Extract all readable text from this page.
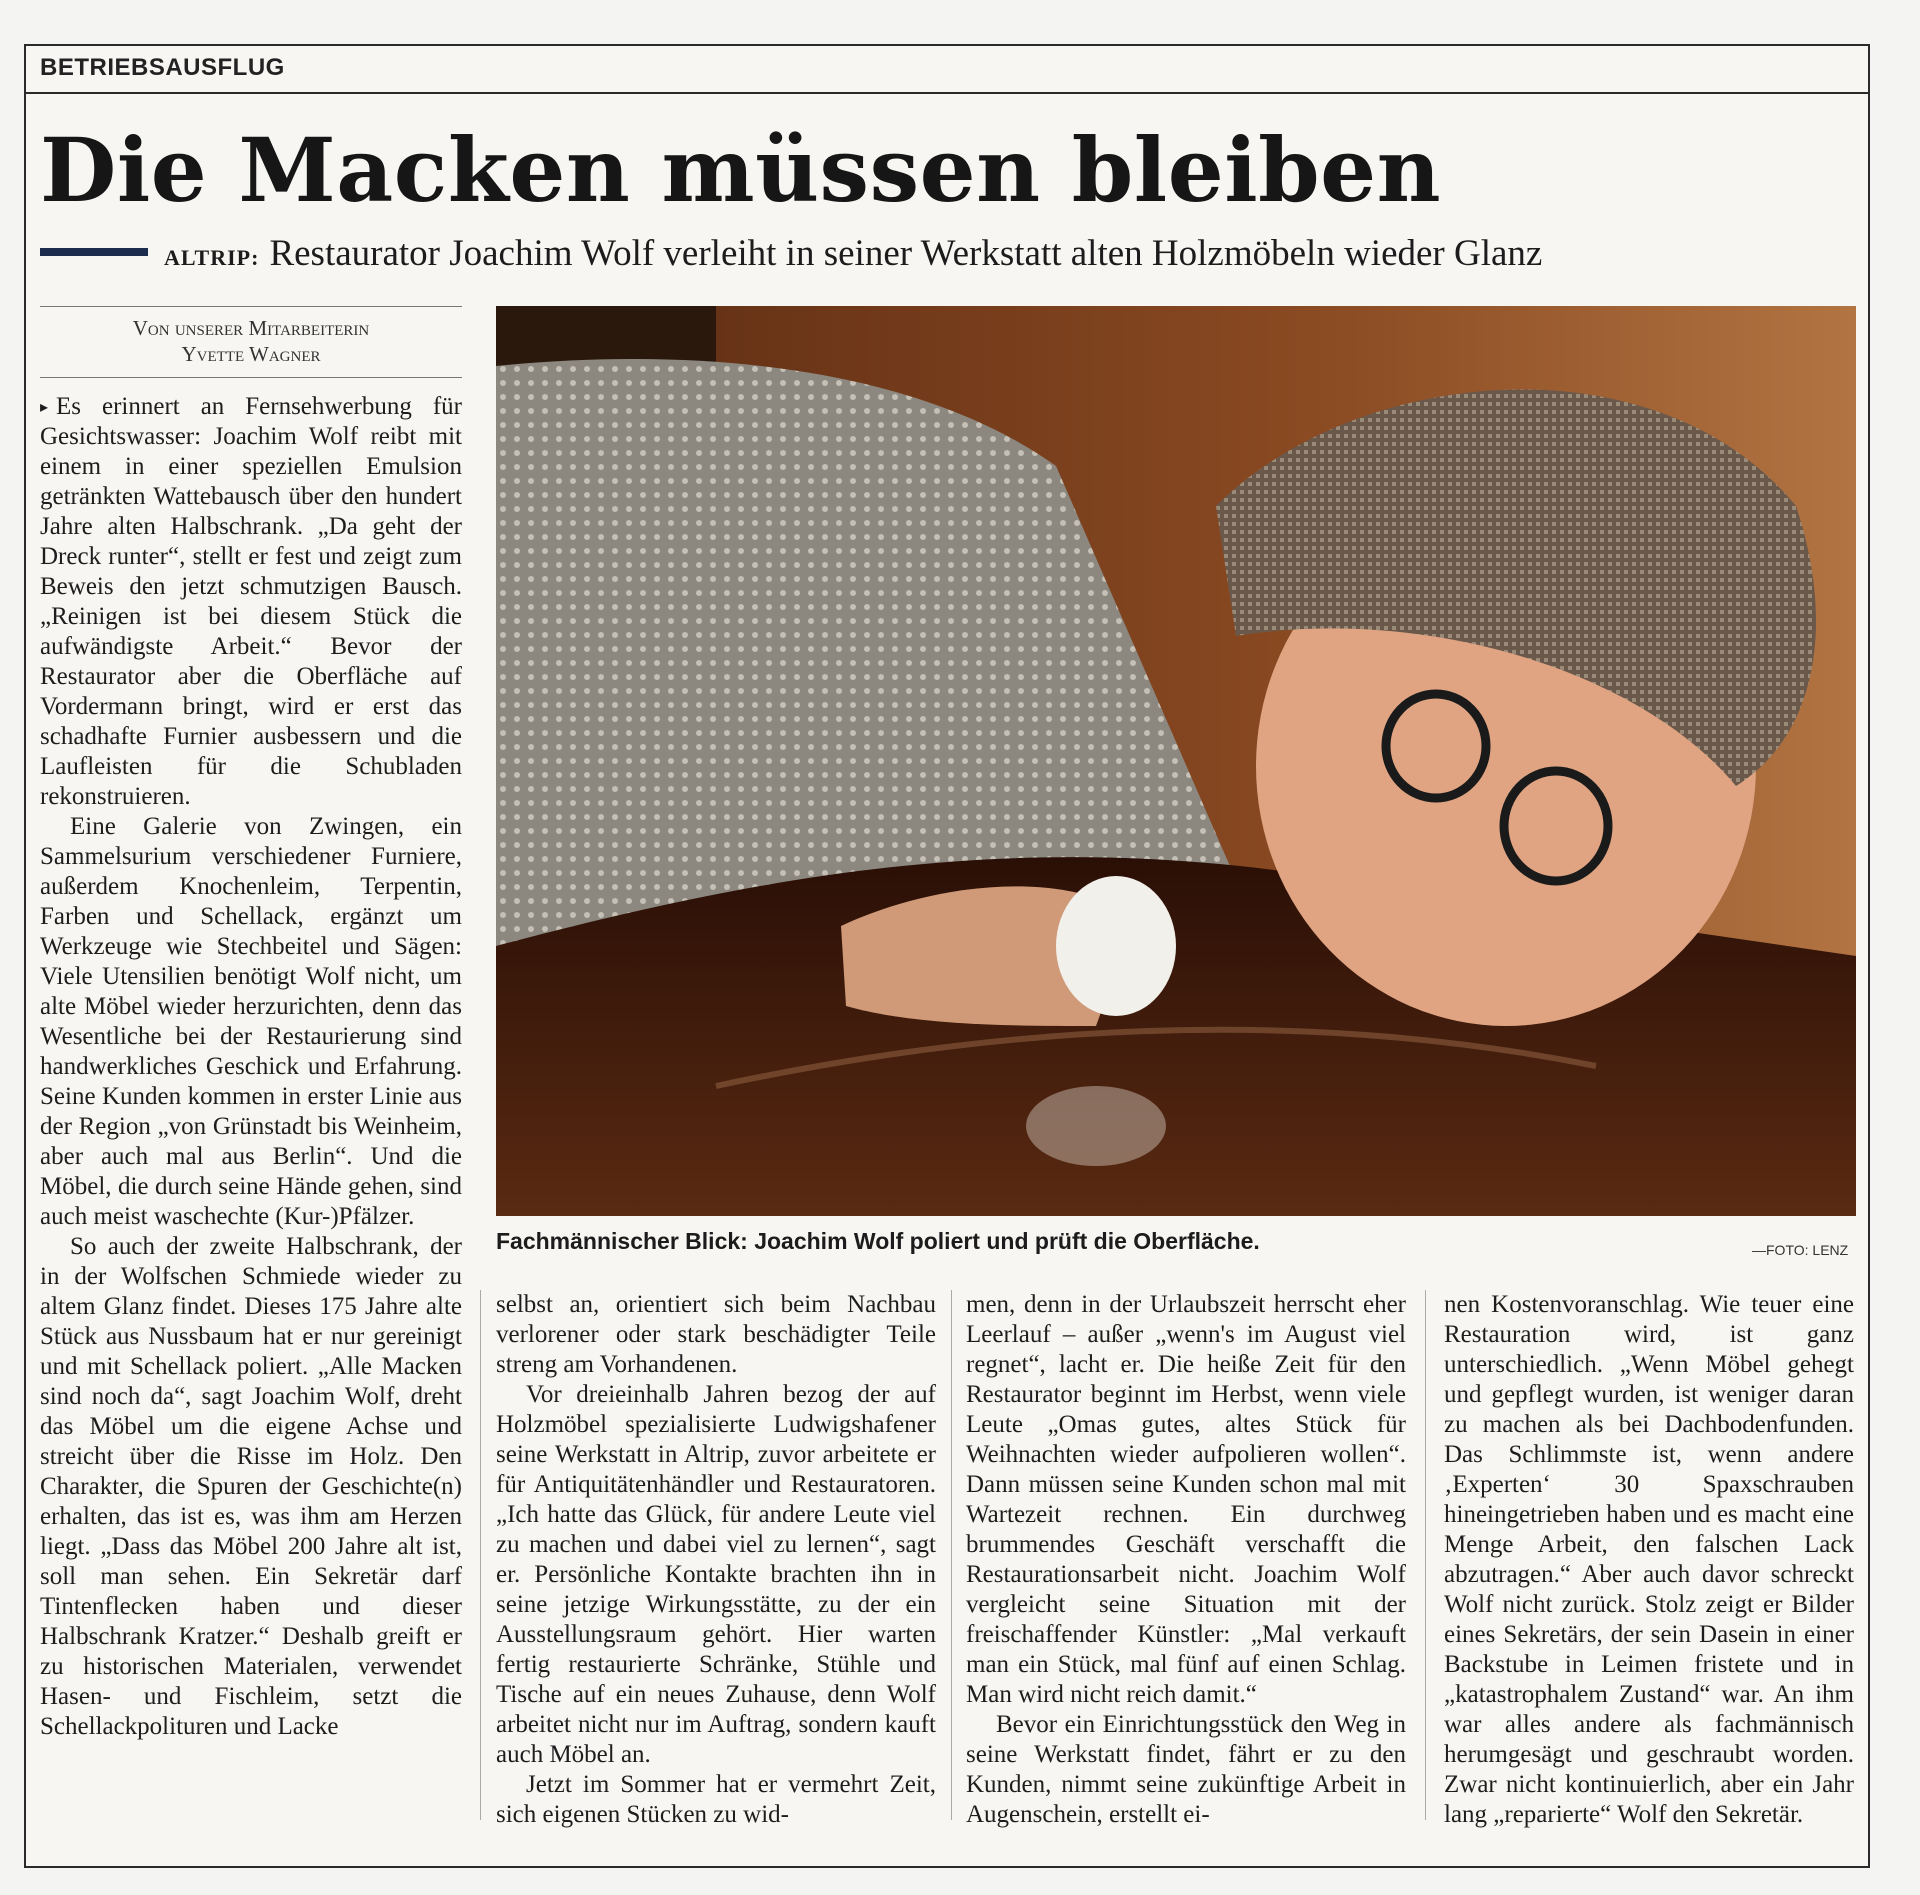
BETRIEBSAUSFLUG
Die Macken müssen bleiben
ALTRIP: Restaurator Joachim Wolf verleiht in seiner Werkstatt alten Holzmöbeln wieder Glanz
Von unserer Mitarbeiterin
Yvette Wagner
Fachmännischer Blick: Joachim Wolf poliert und prüft die Oberfläche.	—FOTO: LENZ

▸ Es erinnert an Fernsehwerbung für Gesichtswasser: Joachim Wolf reibt mit einem in einer speziellen Emulsion getränkten Wattebausch über den hundert Jahre alten Halbschrank. „Da geht der Dreck runter“, stellt er fest und zeigt zum Beweis den jetzt schmutzigen Bausch. „Reinigen ist bei diesem Stück die aufwändigste Arbeit.“ Bevor der Restaurator aber die Oberfläche auf Vordermann bringt, wird er erst das schadhafte Furnier ausbessern und die Laufleisten für die Schubladen rekonstruieren.

Eine Galerie von Zwingen, ein Sammelsurium verschiedener Furniere, außerdem Knochenleim, Terpentin, Farben und Schellack, ergänzt um Werkzeuge wie Stechbeitel und Sägen: Viele Utensilien benötigt Wolf nicht, um alte Möbel wieder herzurichten, denn das Wesentliche bei der Restaurierung sind handwerkliches Geschick und Erfahrung. Seine Kunden kommen in erster Linie aus der Region „von Grünstadt bis Weinheim, aber auch mal aus Berlin“. Und die Möbel, die durch seine Hände gehen, sind auch meist waschechte (Kur-)Pfälzer.

So auch der zweite Halbschrank, der in der Wolfschen Schmiede wieder zu altem Glanz findet. Dieses 175 Jahre alte Stück aus Nussbaum hat er nur gereinigt und mit Schellack poliert. „Alle Macken sind noch da“, sagt Joachim Wolf, dreht das Möbel um die eigene Achse und streicht über die Risse im Holz. Den Charakter, die Spuren der Geschichte(n) erhalten, das ist es, was ihm am Herzen liegt. „Dass das Möbel 200 Jahre alt ist, soll man sehen. Ein Sekretär darf Tintenflecken haben und dieser Halbschrank Kratzer.“ Deshalb greift er zu historischen Materialen, verwendet Hasen- und Fischleim, setzt die Schellackpolituren und Lacke

selbst an, orientiert sich beim Nachbau verlorener oder stark beschädigter Teile streng am Vorhandenen.

Vor dreieinhalb Jahren bezog der auf Holzmöbel spezialisierte Ludwigshafener seine Werkstatt in Altrip, zuvor arbeitete er für Antiquitätenhändler und Restauratoren. „Ich hatte das Glück, für andere Leute viel zu machen und dabei viel zu lernen“, sagt er. Persönliche Kontakte brachten ihn in seine jetzige Wirkungsstätte, zu der ein Ausstellungsraum gehört. Hier warten fertig restaurierte Schränke, Stühle und Tische auf ein neues Zuhause, denn Wolf arbeitet nicht nur im Auftrag, sondern kauft auch Möbel an.

Jetzt im Sommer hat er vermehrt Zeit, sich eigenen Stücken zu wid-

men, denn in der Urlaubszeit herrscht eher Leerlauf – außer „wenn's im August viel regnet“, lacht er. Die heiße Zeit für den Restaurator beginnt im Herbst, wenn viele Leute „Omas gutes, altes Stück für Weihnachten wieder aufpolieren wollen“. Dann müssen seine Kunden schon mal mit Wartezeit rechnen. Ein durchweg brummendes Geschäft verschafft die Restaurationsarbeit nicht. Joachim Wolf vergleicht seine Situation mit der freischaffender Künstler: „Mal verkauft man ein Stück, mal fünf auf einen Schlag. Man wird nicht reich damit.“

Bevor ein Einrichtungsstück den Weg in seine Werkstatt findet, fährt er zu den Kunden, nimmt seine zukünftige Arbeit in Augenschein, erstellt ei-

nen Kostenvoranschlag. Wie teuer eine Restauration wird, ist ganz unterschiedlich. „Wenn Möbel gehegt und gepflegt wurden, ist weniger daran zu machen als bei Dachbodenfunden. Das Schlimmste ist, wenn andere ‚Experten‘ 30 Spaxschrauben hineingetrieben haben und es macht eine Menge Arbeit, den falschen Lack abzutragen.“ Aber auch davor schreckt Wolf nicht zurück. Stolz zeigt er Bilder eines Sekretärs, der sein Dasein in einer Backstube in Leimen fristete und in „katastrophalem Zustand“ war. An ihm war alles andere als fachmännisch herumgesägt und geschraubt worden. Zwar nicht kontinuierlich, aber ein Jahr lang „reparierte“ Wolf den Sekretär.
